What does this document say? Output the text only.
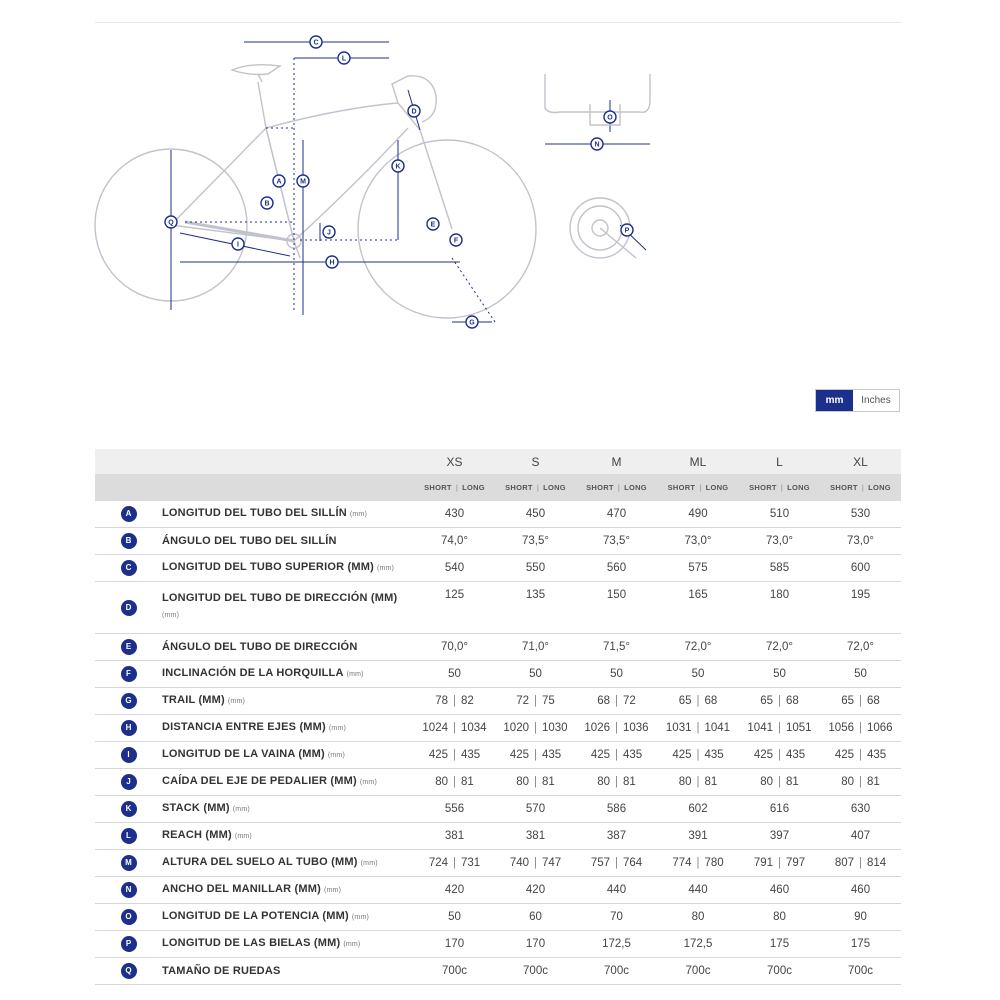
A
B
C
D
E
F
G
H
I
J
K
L
M
N
O
P
Q
mm	Inches
		XS	S	M	ML	L	XL
		SHORT | LONG	SHORT | LONG	SHORT | LONG	SHORT | LONG	SHORT | LONG	SHORT | LONG
A	LONGITUD DEL TUBO DEL SILLÍN (mm)	430	450	470	490	510	530
B	ÁNGULO DEL TUBO DEL SILLÍN	74,0°	73,5°	73,5°	73,0°	73,0°	73,0°
C	LONGITUD DEL TUBO SUPERIOR (MM) (mm)	540	550	560	575	585	600
D	LONGITUD DEL TUBO DE DIRECCIÓN (MM)
(mm)	125	135	150	165	180	195
E	ÁNGULO DEL TUBO DE DIRECCIÓN	70,0°	71,0°	71,5°	72,0°	72,0°	72,0°
F	INCLINACIÓN DE LA HORQUILLA (mm)	50	50	50	50	50	50
G	TRAIL (MM) (mm)	78 | 82	72 | 75	68 | 72	65 | 68	65 | 68	65 | 68
H	DISTANCIA ENTRE EJES (MM) (mm)	1024 | 1034	1020 | 1030	1026 | 1036	1031 | 1041	1041 | 1051	1056 | 1066
I	LONGITUD DE LA VAINA (MM) (mm)	425 | 435	425 | 435	425 | 435	425 | 435	425 | 435	425 | 435
J	CAÍDA DEL EJE DE PEDALIER (MM) (mm)	80 | 81	80 | 81	80 | 81	80 | 81	80 | 81	80 | 81
K	STACK (MM) (mm)	556	570	586	602	616	630
L	REACH (MM) (mm)	381	381	387	391	397	407
M	ALTURA DEL SUELO AL TUBO (MM) (mm)	724 | 731	740 | 747	757 | 764	774 | 780	791 | 797	807 | 814
N	ANCHO DEL MANILLAR (MM) (mm)	420	420	440	440	460	460
O	LONGITUD DE LA POTENCIA (MM) (mm)	50	60	70	80	80	90
P	LONGITUD DE LAS BIELAS (MM) (mm)	170	170	172,5	172,5	175	175
Q	TAMAÑO DE RUEDAS	700c	700c	700c	700c	700c	700c
